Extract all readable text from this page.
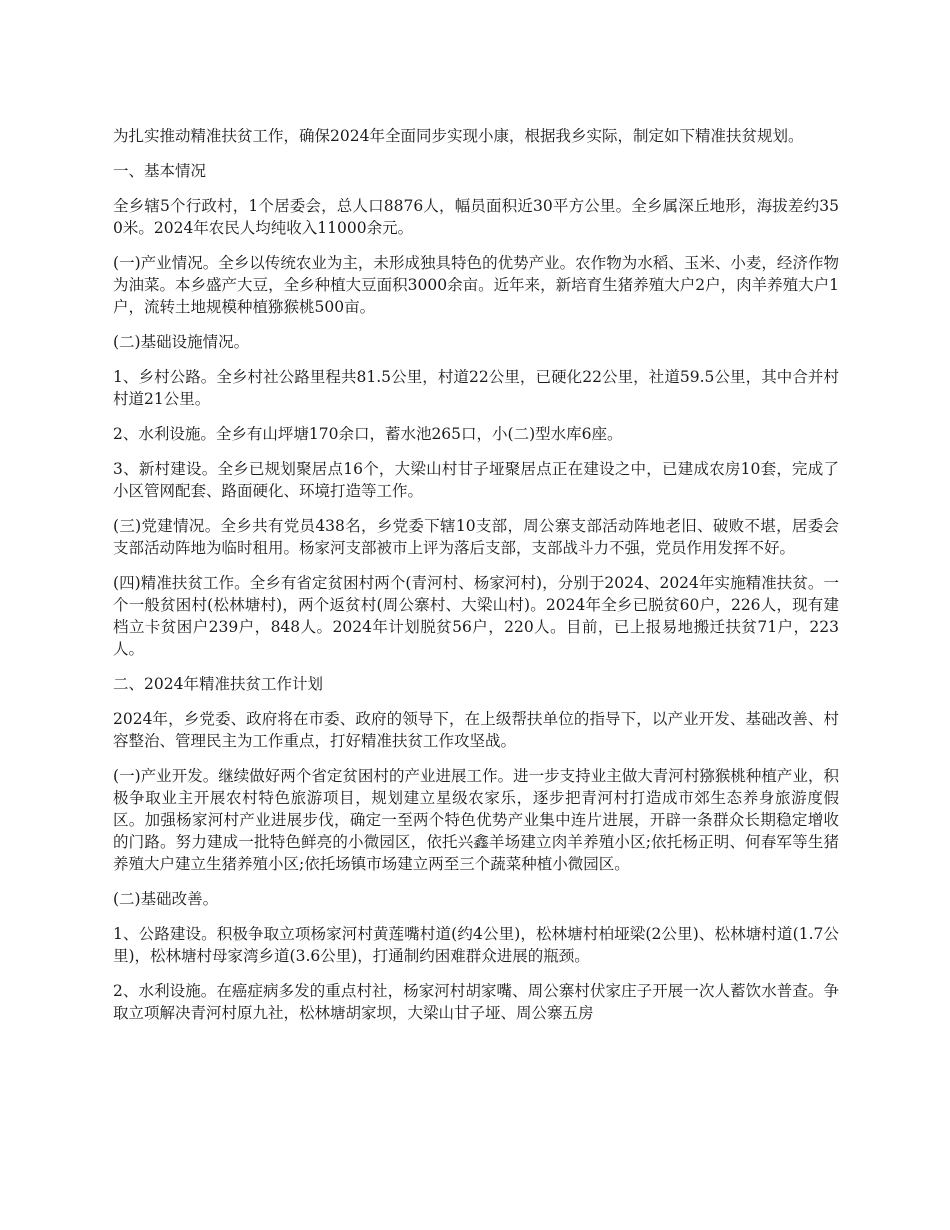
为扎实推动精准扶贫工作，确保2024年全面同步实现小康，根据我乡实际，制定如下精准扶贫规划。

一、基本情况

全乡辖5个行政村，1个居委会，总人口8876人，幅员面积近30平方公里。全乡属深丘地形，海拔差约350米。2024年农民人均纯收入11000余元。

(一)产业情况。全乡以传统农业为主，未形成独具特色的优势产业。农作物为水稻、玉米、小麦，经济作物为油菜。本乡盛产大豆，全乡种植大豆面积3000余亩。近年来，新培育生猪养殖大户2户，肉羊养殖大户1户，流转土地规模种植猕猴桃500亩。

(二)基础设施情况。

1、乡村公路。全乡村社公路里程共81.5公里，村道22公里，已硬化22公里，社道59.5公里，其中合并村村道21公里。

2、水利设施。全乡有山坪塘170余口，蓄水池265口，小(二)型水库6座。

3、新村建设。全乡已规划聚居点16个，大梁山村甘子垭聚居点正在建设之中，已建成农房10套，完成了小区管网配套、路面硬化、环境打造等工作。

(三)党建情况。全乡共有党员438名，乡党委下辖10支部，周公寨支部活动阵地老旧、破败不堪，居委会支部活动阵地为临时租用。杨家河支部被市上评为落后支部，支部战斗力不强，党员作用发挥不好。

(四)精准扶贫工作。全乡有省定贫困村两个(青河村、杨家河村)，分别于2024、2024年实施精准扶贫。一个一般贫困村(松林塘村)，两个返贫村(周公寨村、大梁山村)。2024年全乡已脱贫60户，226人，现有建档立卡贫困户239户，848人。2024年计划脱贫56户，220人。目前，已上报易地搬迁扶贫71户，223人。

二、2024年精准扶贫工作计划

2024年，乡党委、政府将在市委、政府的领导下，在上级帮扶单位的指导下，以产业开发、基础改善、村容整治、管理民主为工作重点，打好精准扶贫工作攻坚战。

(一)产业开发。继续做好两个省定贫困村的产业进展工作。进一步支持业主做大青河村猕猴桃种植产业，积极争取业主开展农村特色旅游项目，规划建立星级农家乐，逐步把青河村打造成市郊生态养身旅游度假区。加强杨家河村产业进展步伐，确定一至两个特色优势产业集中连片进展，开辟一条群众长期稳定增收的门路。努力建成一批特色鲜亮的小微园区，依托兴鑫羊场建立肉羊养殖小区;依托杨正明、何春军等生猪养殖大户建立生猪养殖小区;依托场镇市场建立两至三个蔬菜种植小微园区。

(二)基础改善。

1、公路建设。积极争取立项杨家河村黄莲嘴村道(约4公里)，松林塘村柏垭梁(2公里)、松林塘村道(1.7公里)，松林塘村母家湾乡道(3.6公里)，打通制约困难群众进展的瓶颈。

2、水利设施。在癌症病多发的重点村社，杨家河村胡家嘴、周公寨村伏家庄子开展一次人蓄饮水普查。争取立项解决青河村原九社，松林塘胡家坝，大梁山甘子垭、周公寨五房
